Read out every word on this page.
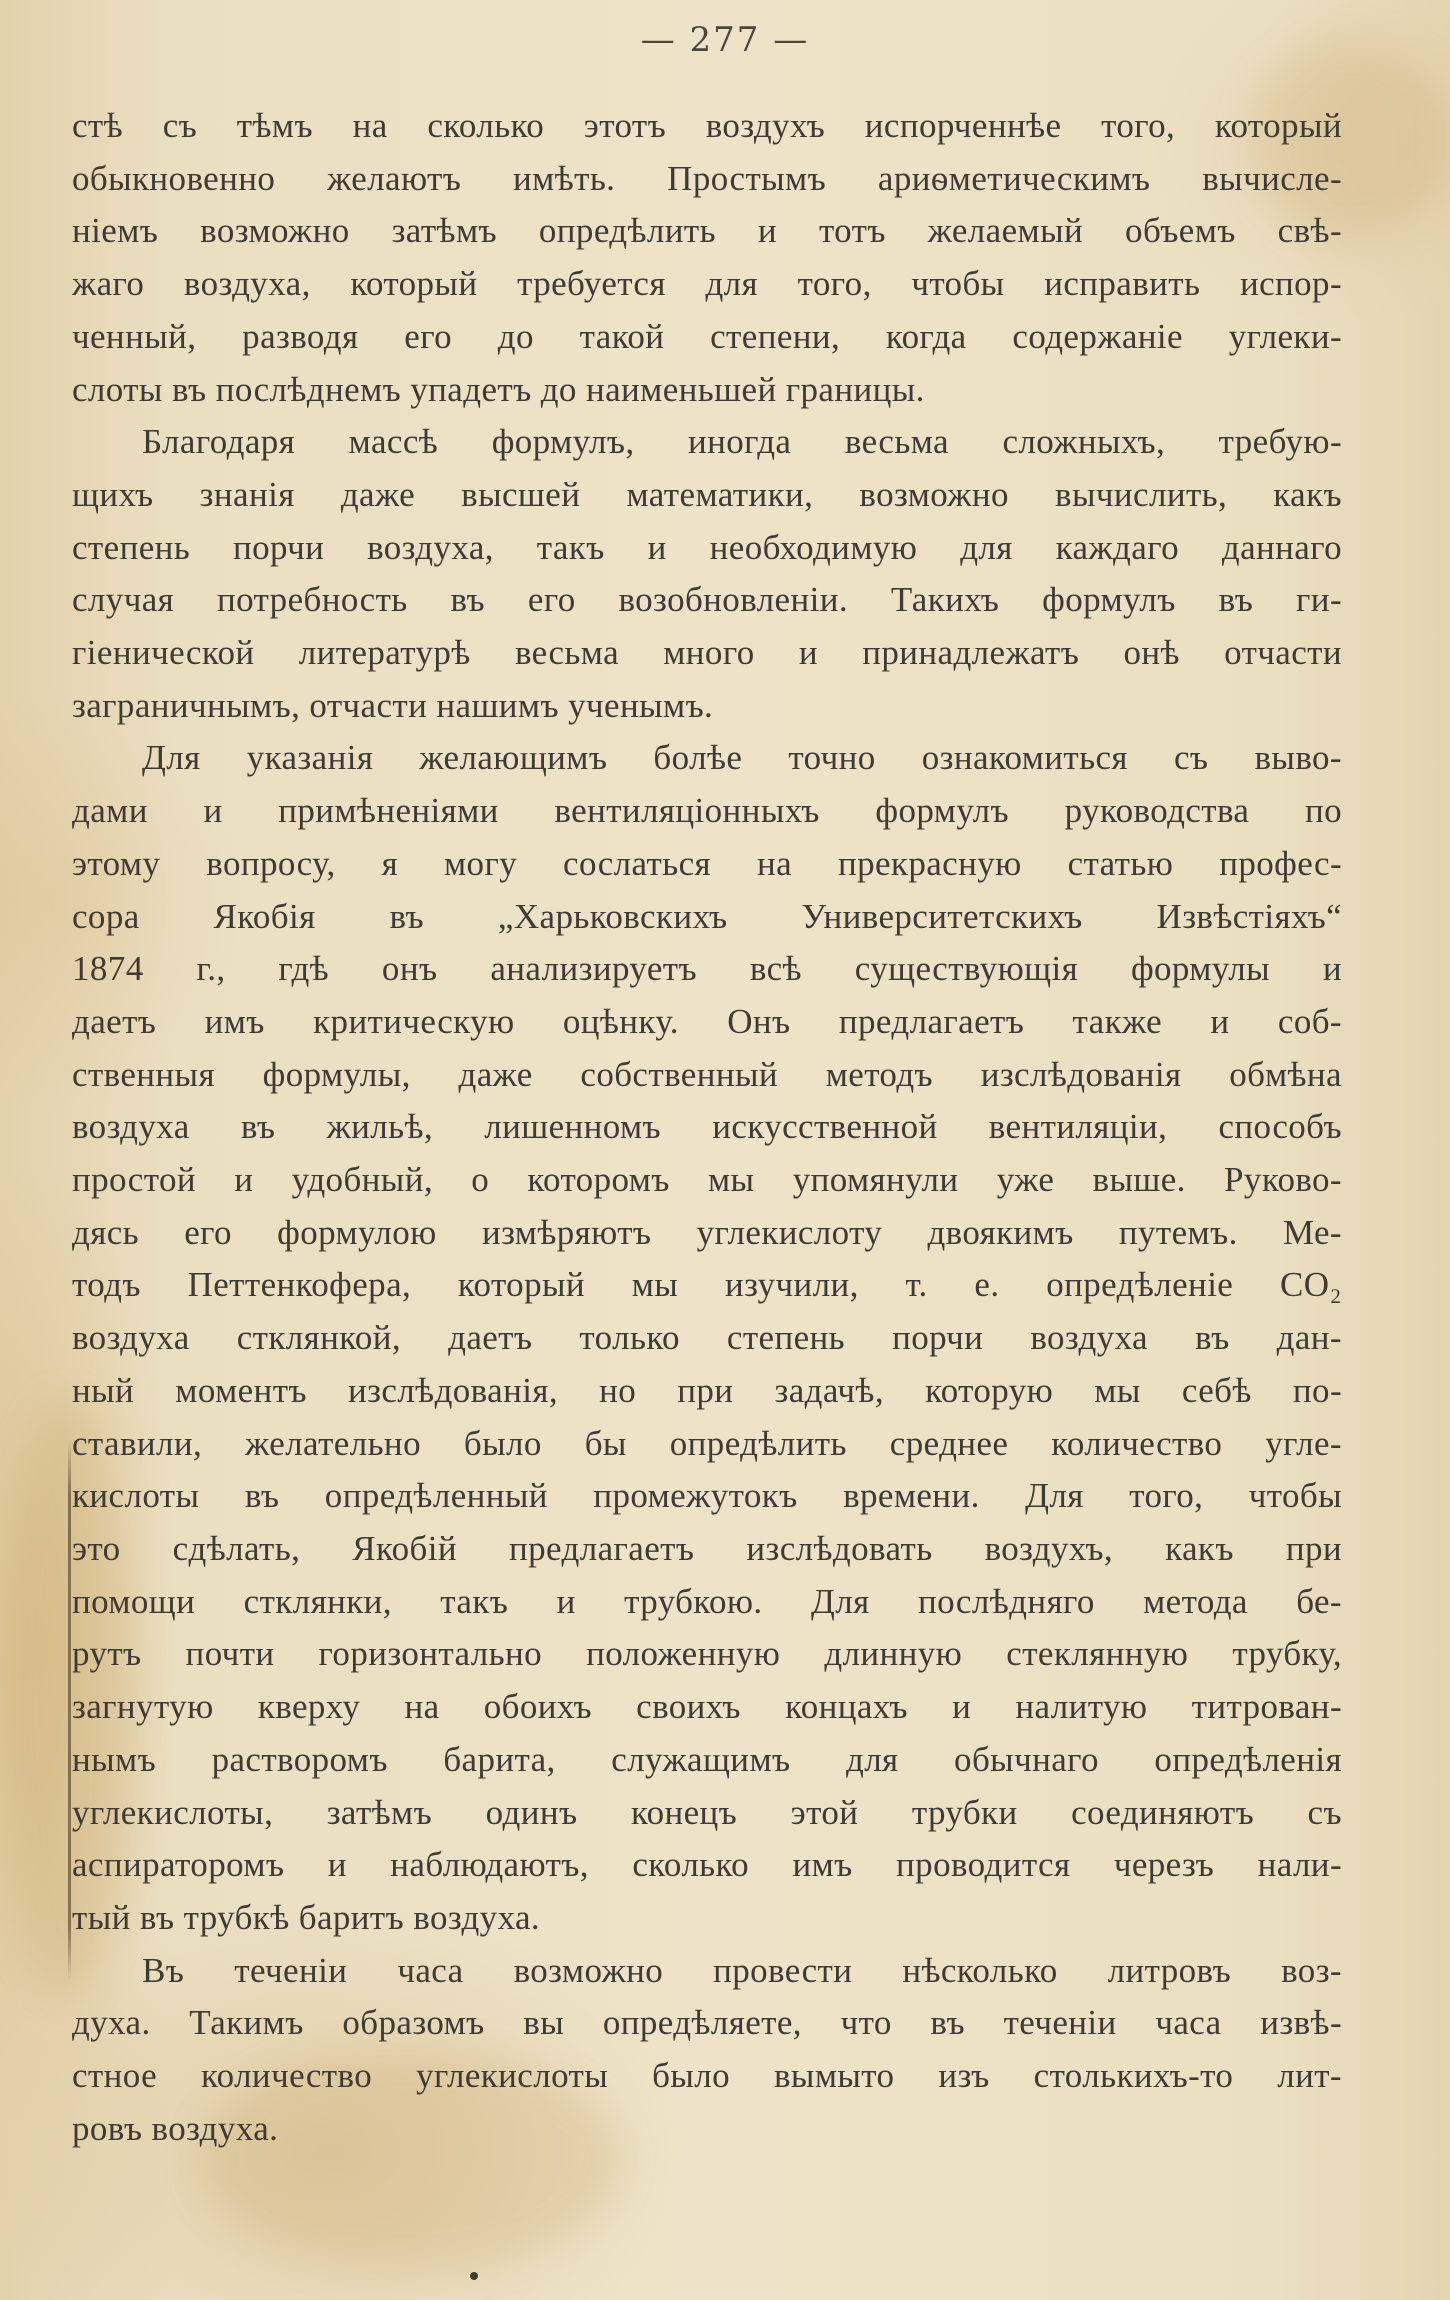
— 277 —

стѣ съ тѣмъ на сколько этотъ воздухъ испорченнѣе того, который
обыкновенно желаютъ имѣть. Простымъ ариѳметическимъ вычисле-
ніемъ возможно затѣмъ опредѣлить и тотъ желаемый объемъ свѣ-
жаго воздуха, который требуется для того, чтобы исправить испор-
ченный, разводя его до такой степени, когда содержаніе углеки-
слоты въ послѣднемъ упадетъ до наименьшей границы.

Благодаря массѣ формулъ, иногда весьма сложныхъ, требую-
щихъ знанія даже высшей математики, возможно вычислить, какъ
степень порчи воздуха, такъ и необходимую для каждаго даннаго
случая потребность въ его возобновленіи. Такихъ формулъ въ ги-
гіенической литературѣ весьма много и принадлежатъ онѣ отчасти
заграничнымъ, отчасти нашимъ ученымъ.

Для указанія желающимъ болѣе точно ознакомиться съ выво-
дами и примѣненіями вентиляціонныхъ формулъ руководства по
этому вопросу, я могу сослаться на прекрасную статью профес-
сора Якобія въ „Харьковскихъ Университетскихъ Извѣстіяхъ“
1874 г., гдѣ онъ анализируетъ всѣ существующія формулы и
даетъ имъ критическую оцѣнку. Онъ предлагаетъ также и соб-
ственныя формулы, даже собственный методъ изслѣдованія обмѣна
воздуха въ жильѣ, лишенномъ искусственной вентиляціи, способъ
простой и удобный, о которомъ мы упомянули уже выше. Руково-
дясь его формулою измѣряютъ углекислоту двоякимъ путемъ. Ме-
тодъ Петтенкофера, который мы изучили, т. е. опредѣленіе CO₂
воздуха стклянкой, даетъ только степень порчи воздуха въ дан-
ный моментъ изслѣдованія, но при задачѣ, которую мы себѣ по-
ставили, желательно было бы опредѣлить среднее количество угле-
кислоты въ опредѣленный промежутокъ времени. Для того, чтобы
это сдѣлать, Якобій предлагаетъ изслѣдовать воздухъ, какъ при
помощи стклянки, такъ и трубкою. Для послѣдняго метода бе-
рутъ почти горизонтально положенную длинную стеклянную трубку,
загнутую кверху на обоихъ своихъ концахъ и налитую титрован-
нымъ растворомъ барита, служащимъ для обычнаго опредѣленія
углекислоты, затѣмъ одинъ конецъ этой трубки соединяютъ съ
аспираторомъ и наблюдаютъ, сколько имъ проводится черезъ нали-
тый въ трубкѣ баритъ воздуха.

Въ теченіи часа возможно провести нѣсколько литровъ воз-
духа. Такимъ образомъ вы опредѣляете, что въ теченіи часа извѣ-
стное количество углекислоты было вымыто изъ столькихъ-то лит-
ровъ воздуха.
